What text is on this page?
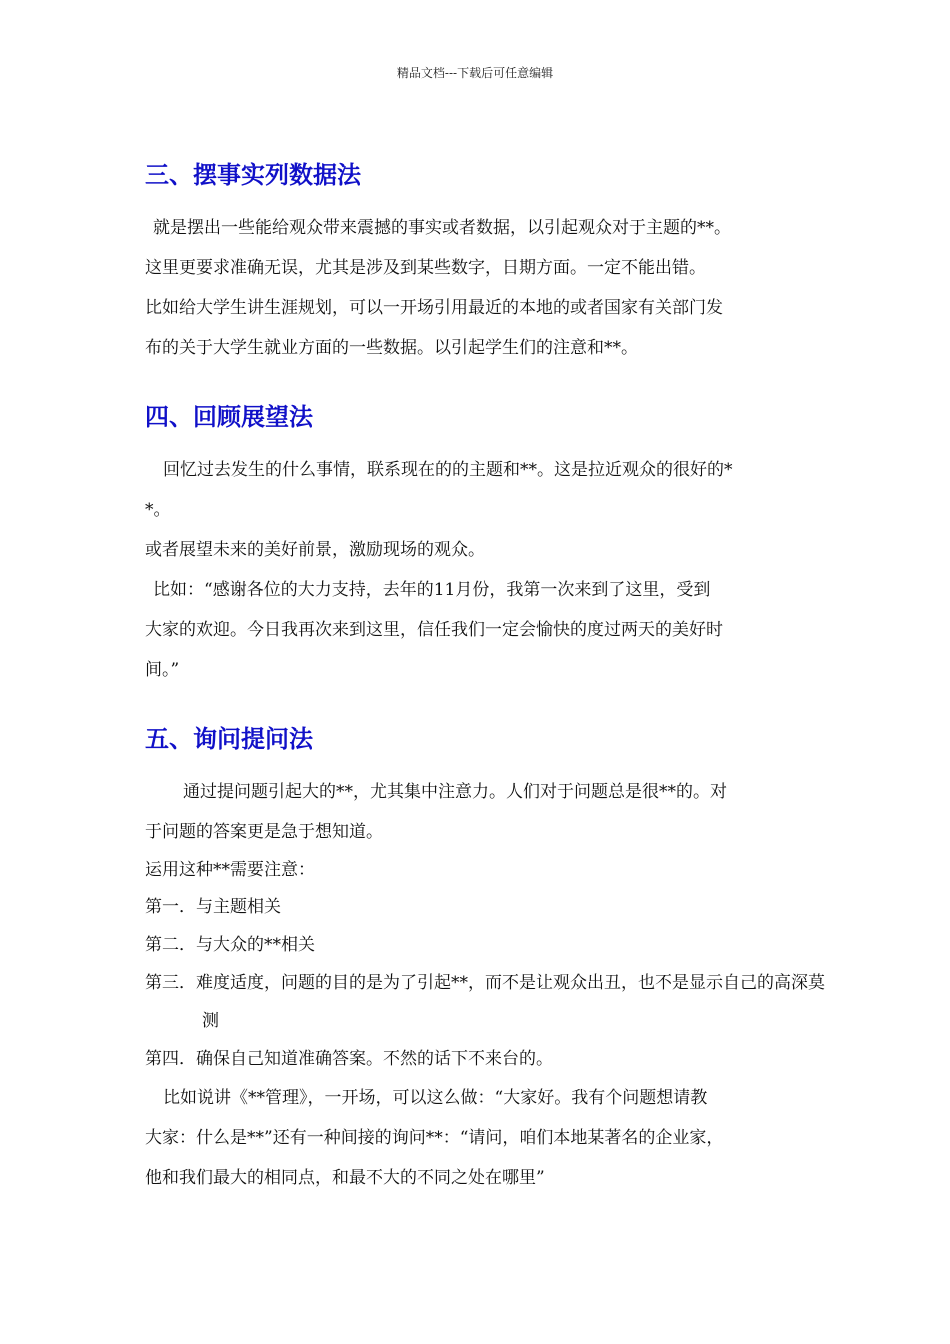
精品文档---下载后可任意编辑
三、摆事实列数据法

就是摆出一些能给观众带来震撼的事实或者数据，以引起观众对于主题的**。

这里更要求准确无误，尤其是涉及到某些数字，日期方面。一定不能出错。

比如给大学生讲生涯规划，可以一开场引用最近的本地的或者国家有关部门发

布的关于大学生就业方面的一些数据。以引起学生们的注意和**。

四、回顾展望法

回忆过去发生的什么事情，联系现在的的主题和**。这是拉近观众的很好的*

*。

或者展望未来的美好前景，激励现场的观众。

比如：“感谢各位的大力支持，去年的11月份，我第一次来到了这里，受到

大家的欢迎。今日我再次来到这里，信任我们一定会愉快的度过两天的美好时

间。”

五、询问提问法

通过提问题引起大的**，尤其集中注意力。人们对于问题总是很**的。对

于问题的答案更是急于想知道。

运用这种**需要注意：

第一．与主题相关

第二．与大众的**相关

第三．难度适度，问题的目的是为了引起**，而不是让观众出丑，也不是显示自己的高深莫测

第四．确保自己知道准确答案。不然的话下不来台的。

比如说讲《**管理》，一开场，可以这么做：“大家好。我有个问题想请教

大家：什么是**”还有一种间接的询问**：“请问，咱们本地某著名的企业家，

他和我们最大的相同点，和最不大的不同之处在哪里”
